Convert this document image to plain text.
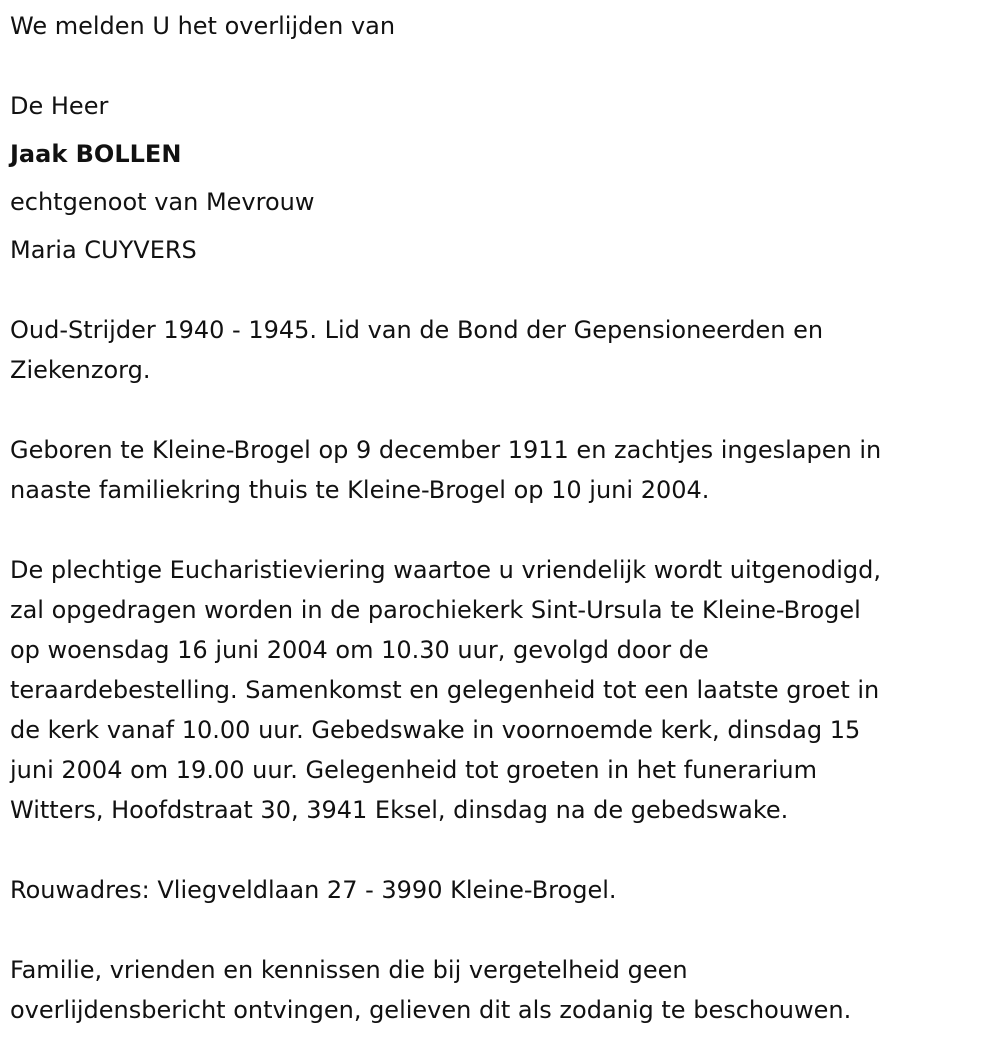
We melden U het overlijden van

De Heer

Jaak BOLLEN

echtgenoot van Mevrouw

Maria CUYVERS

Oud-Strijder 1940 - 1945. Lid van de Bond der Gepensioneerden en
Ziekenzorg.

Geboren te Kleine-Brogel op 9 december 1911 en zachtjes ingeslapen in
naaste familiekring thuis te Kleine-Brogel op 10 juni 2004.

De plechtige Eucharistieviering waartoe u vriendelijk wordt uitgenodigd,
zal opgedragen worden in de parochiekerk Sint-Ursula te Kleine-Brogel
op woensdag 16 juni 2004 om 10.30 uur, gevolgd door de
teraardebestelling. Samenkomst en gelegenheid tot een laatste groet in
de kerk vanaf 10.00 uur. Gebedswake in voornoemde kerk, dinsdag 15
juni 2004 om 19.00 uur. Gelegenheid tot groeten in het funerarium
Witters, Hoofdstraat 30, 3941 Eksel, dinsdag na de gebedswake.

Rouwadres: Vliegveldlaan 27 - 3990 Kleine-Brogel.

Familie, vrienden en kennissen die bij vergetelheid geen
overlijdensbericht ontvingen, gelieven dit als zodanig te beschouwen.
